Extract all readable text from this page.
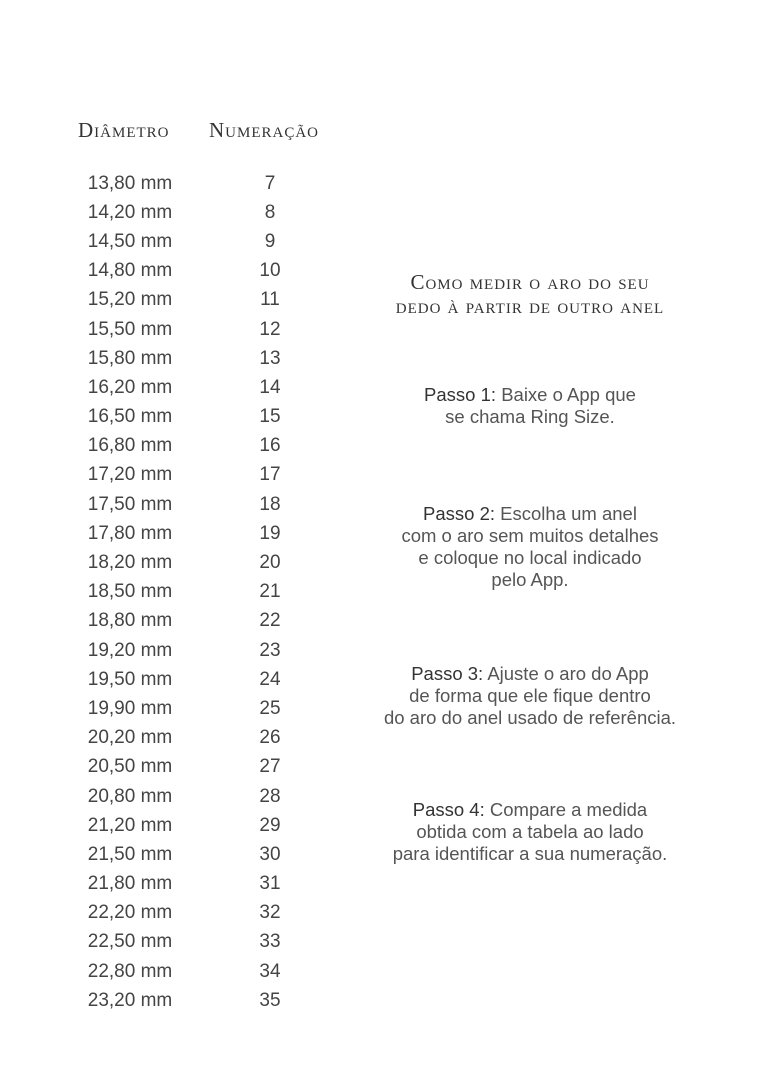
Diâmetro Numeração
13,80 mm	7
14,20 mm	8
14,50 mm	9
14,80 mm	10
15,20 mm	11
15,50 mm	12
15,80 mm	13
16,20 mm	14
16,50 mm	15
16,80 mm	16
17,20 mm	17
17,50 mm	18
17,80 mm	19
18,20 mm	20
18,50 mm	21
18,80 mm	22
19,20 mm	23
19,50 mm	24
19,90 mm	25
20,20 mm	26
20,50 mm	27
20,80 mm	28
21,20 mm	29
21,50 mm	30
21,80 mm	31
22,20 mm	32
22,50 mm	33
22,80 mm	34
23,20 mm	35
Como medir o aro do seu
dedo à partir de outro anel
Passo 1: Baixe o App que
se chama Ring Size.
Passo 2: Escolha um anel
com o aro sem muitos detalhes
e coloque no local indicado
pelo App.
Passo 3: Ajuste o aro do App
de forma que ele fique dentro
do aro do anel usado de referência.
Passo 4: Compare a medida
obtida com a tabela ao lado
para identificar a sua numeração.
